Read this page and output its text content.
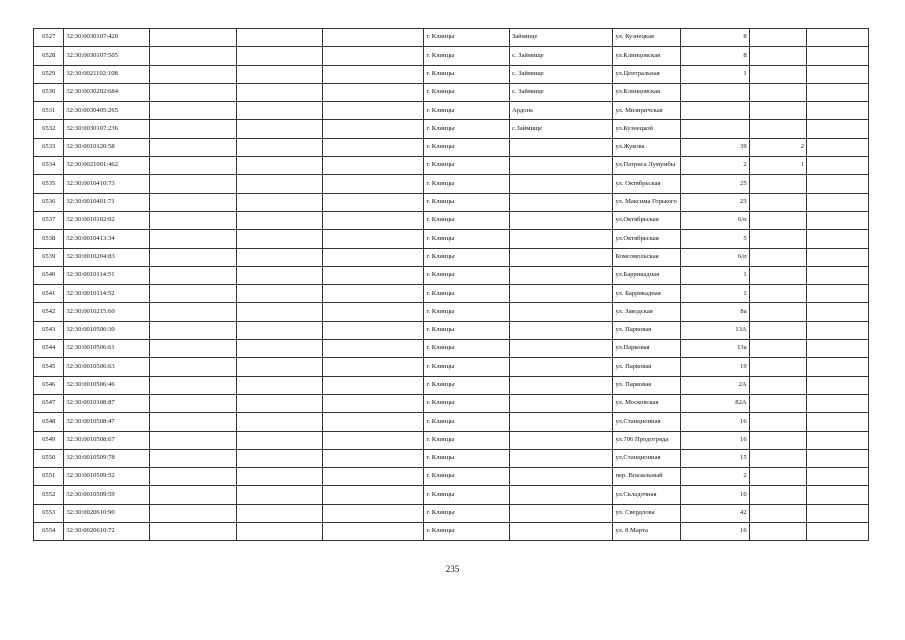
6527	32:30:0030107:420				г. Клинцы	Займище	ул. Кузнецкая	8		
6528	32:30:0030107:505				г. Клинцы	с. Займище	ул.Клинцовская	8		
6529	32:30:0021102:108				г. Клинцы	с. Займище	ул.Центральная	1		
6530	32:30:0030202:684				г. Клинцы	с. Займище	ул.Клинцовская			
6531	32:30:0030405:265				г. Клинцы	Ардонь	ул. Мизиричская			
6532	32:30:0030107:236				г. Клинцы	с.Займище	ул.Кузнецкой			
6533	32:30:0010120:58				г. Клинцы		ул.Жукова	39	2	
6534	32:30:0021001:462				г. Клинцы		ул.Патриса Лумумбы	2	1	
6535	32:30:0010410:73				г. Клинцы		ул. Октябрьская	25		
6536	32:30:0010401:71				г. Клинцы		ул. Максима Горького	23		
6537	32:30:0010102:92				г. Клинцы		ул.Октябрьская	6/п		
6538	32:30:0010413:34				г. Клинцы		ул.Октябрьская	5		
6539	32:30:0010204:83				г. Клинцы		Комсомольская	6/п		
6540	32:30:0010114:51				г. Клинцы		ул.Баррикадная	1		
6541	32:30:0010114:52				г. Клинцы		ул. Баррикадная	1		
6542	32:30:0010215:60				г. Клинцы		ул. Заводская	8а		
6543	32:30:0010506:30				г. Клинцы		ул. Парковая	13А		
6544	32:30:0010506:61				г. Клинцы		ул.Парковая	13а		
6545	32:30:0010506:63				г. Клинцы		ул. Парковая	19		
6546	32:30:0010506:46				г. Клинцы		ул. Парковая	2А		
6547	32:30:0010108:87				г. Клинцы		ул. Московская	82А		
6548	32:30:0010508:47				г. Клинцы		ул.Станционная	16		
6549	32:30:0010508:67				г. Клинцы		ул.706 Продотряда	16		
6550	32:30:0010509:78				г. Клинцы		ул.Станционная	15		
6551	32:30:0010509:52				г. Клинцы		пер. Вокзальный	2		
6552	32:30:0010509:59				г. Клинцы		ул.Складочная	10		
6553	32:30:0020610:90				г. Клинцы		ул. Свердлова	42		
6554	32:30:0020610:72				г. Клинцы		ул. 8 Марта	16		
235
